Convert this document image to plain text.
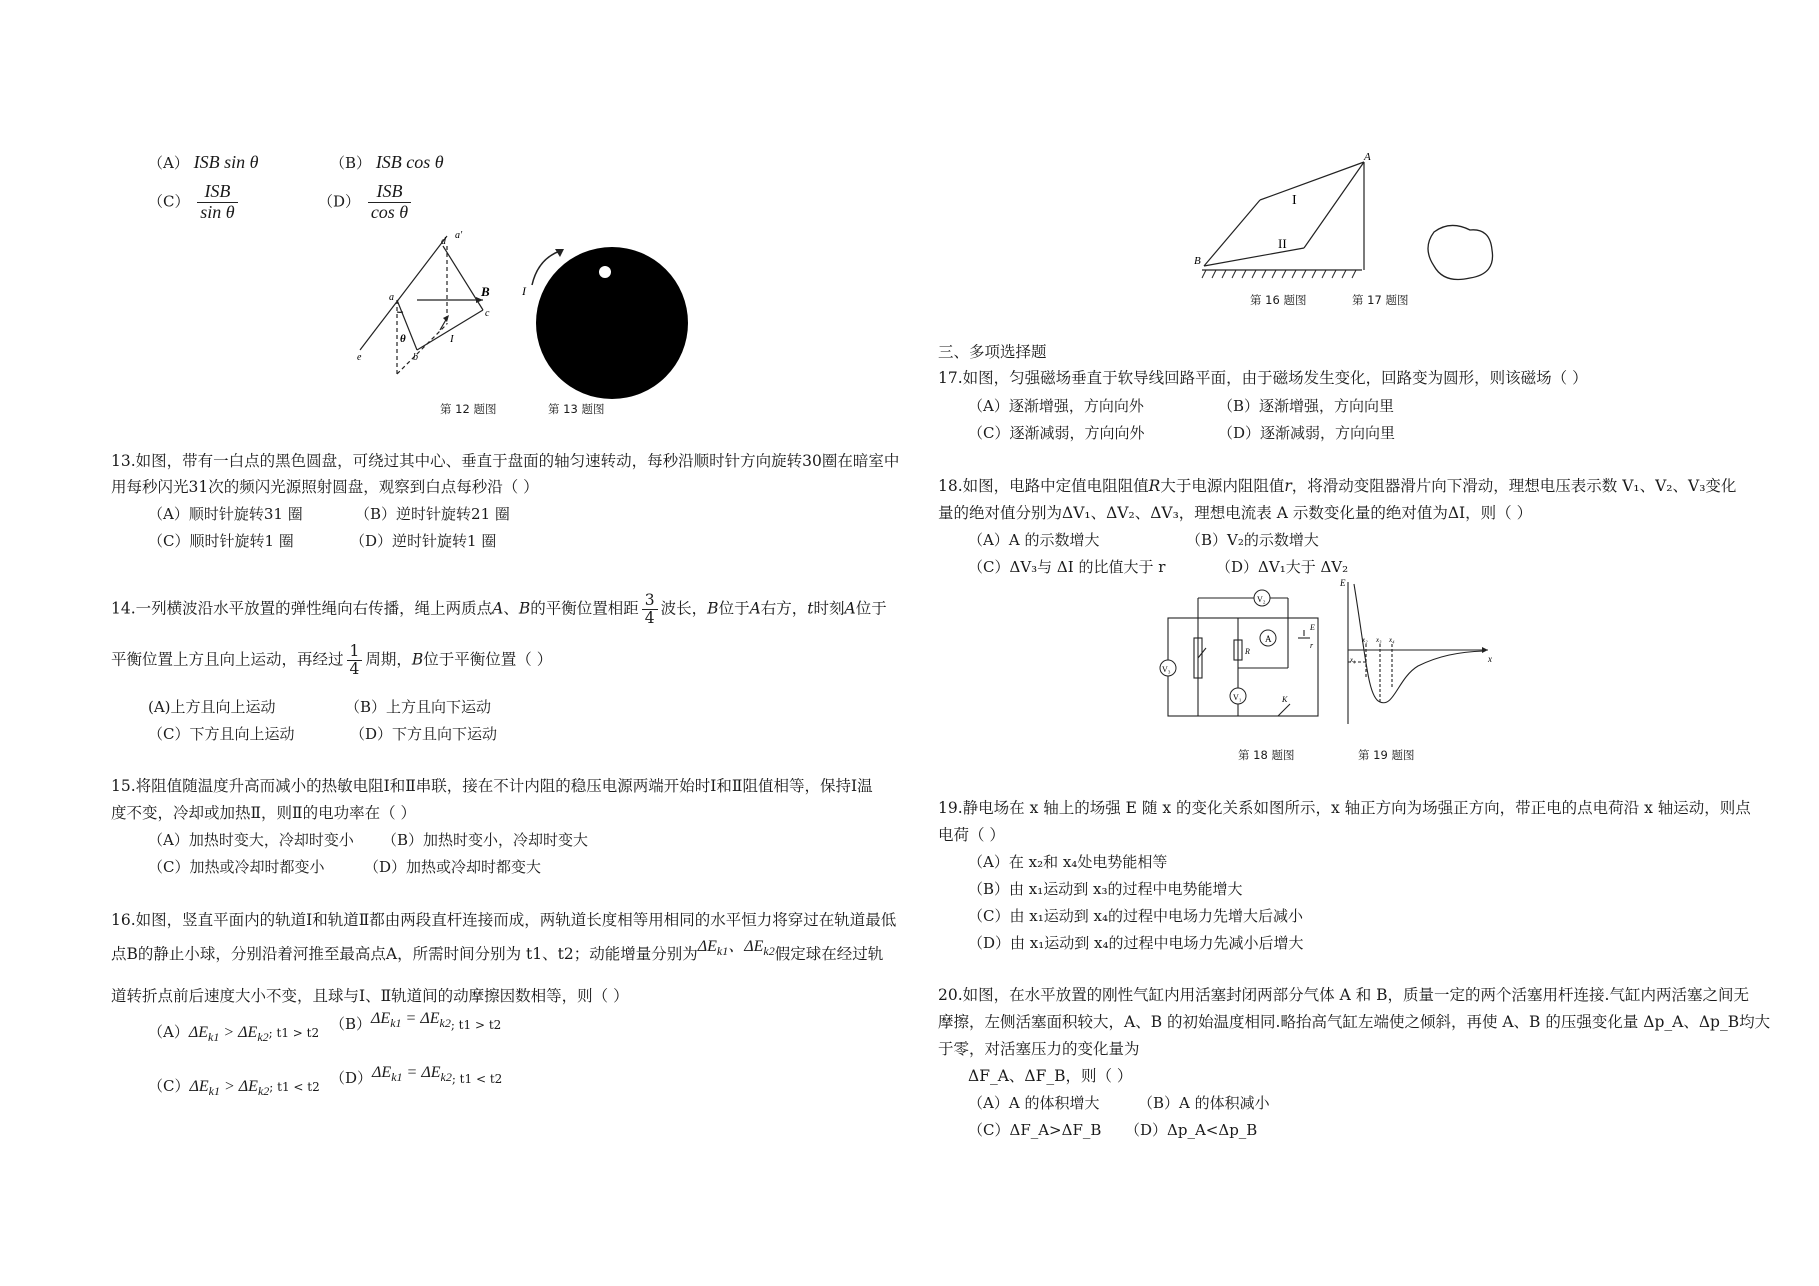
（A） ISB sin θ	（B） ISB cos θ
$(C) \frac{\text{ISB}}{\text{sin θ}}$	$(D) \frac{\text{ISB}}{\text{cos θ}}$
d
a'
a	B
c
θ	I
b
e
I
第 12 题图	第 13 题图
13.如图，带有一白点的黑色圆盘，可绕过其中心、垂直于盘面的轴匀速转动，每秒沿顺时针方向旋转30圈在暗室中
用每秒闪光31次的频闪光源照射圆盘，观察到白点每秒沿（ ）
（A）顺时针旋转31 圈	（B）逆时针旋转21 圈
（C）顺时针旋转1 圈	（D）逆时针旋转1 圈
14.一列横波沿水平放置的弹性绳向右传播，绳上两质点A、B的平衡位置相距 $\frac{3}{4}$ 波长，B位于A右方，t时刻A位于
平衡位置上方且向上运动，再经过 $\frac{1}{4}$ 周期，B位于平衡位置（ ）
(A)上方且向上运动	（B）上方且向下运动
（C）下方且向上运动	（D）下方且向下运动
15.将阻值随温度升高而减小的热敏电阻Ⅰ和Ⅱ串联，接在不计内阻的稳压电源两端开始时Ⅰ和Ⅱ阻值相等，保持Ⅰ温
度不变，冷却或加热Ⅱ，则Ⅱ的电功率在（ ）
（A）加热时变大，冷却时变小 （B）加热时变小，冷却时变大
（C）加热或冷却时都变小	（D）加热或冷却时都变大
16.如图，竖直平面内的轨道Ⅰ和轨道Ⅱ都由两段直杆连接而成，两轨道长度相等用相同的水平恒力将穿过在轨道最低
点B的静止小球，分别沿着河推至最高点A，所需时间分别为 t1、t2；动能增量分别为$\Delta E_{k1}$、$\Delta E_{k2}$假定球在经过轨
道转折点前后速度大小不变，且球与Ⅰ、Ⅱ轨道间的动摩擦因数相等，则（ ）
$(A)\Delta E_{k1} > \Delta E_{k2}$; t1 > t2 $(B)\Delta E_{k1} = \Delta E_{k2}$; t1 > t2
$(C)\Delta E_{k1} > \Delta E_{k2}$; t1 < t2 $(D)\Delta E_{k1} = \Delta E_{k2}$; t1 < t2
A
B
I
II
第 16 题图	第 17 题图
三、多项选择题
17.如图，匀强磁场垂直于软导线回路平面，由于磁场发生变化，回路变为圆形，则该磁场（ ）
（A）逐渐增强，方向向外	（B）逐渐增强，方向向里
（C）逐渐减弱，方向向外	（D）逐渐减弱，方向向里
18.如图，电路中定值电阻阻值R大于电源内阻阻值r，将滑动变阻器滑片向下滑动，理想电压表示数 V₁、V₂、V₃变化
量的绝对值分别为ΔV₁、ΔV₂、ΔV₃，理想电流表 A 示数变化量的绝对值为ΔI，则（ ）
（A）A 的示数增大	（B）V₂的示数增大
（C）ΔV₃与 ΔI 的比值大于 r	（D）ΔV₁大于 ΔV₂
V₂
A
V₃
V₁
R
E
r
K
E
x
x₁
x₂ x₃ x₄
第 18 题图	第 19 题图
19.静电场在 x 轴上的场强 E 随 x 的变化关系如图所示，x 轴正方向为场强正方向，带正电的点电荷沿 x 轴运动，则点
电荷（ ）
（A）在 x₂和 x₄处电势能相等
（B）由 x₁运动到 x₃的过程中电势能增大
（C）由 x₁运动到 x₄的过程中电场力先增大后减小
（D）由 x₁运动到 x₄的过程中电场力先减小后增大
20.如图，在水平放置的刚性气缸内用活塞封闭两部分气体 A 和 B，质量一定的两个活塞用杆连接.气缸内两活塞之间无
摩擦，左侧活塞面积较大，A、B 的初始温度相同.略抬高气缸左端使之倾斜，再使 A、B 的压强变化量 Δp_A、Δp_B均大
于零，对活塞压力的变化量为
ΔF_A、ΔF_B，则（ ）
（A）A 的体积增大	（B）A 的体积减小
（C）ΔF_A>ΔF_B （D）Δp_A<Δp_B
